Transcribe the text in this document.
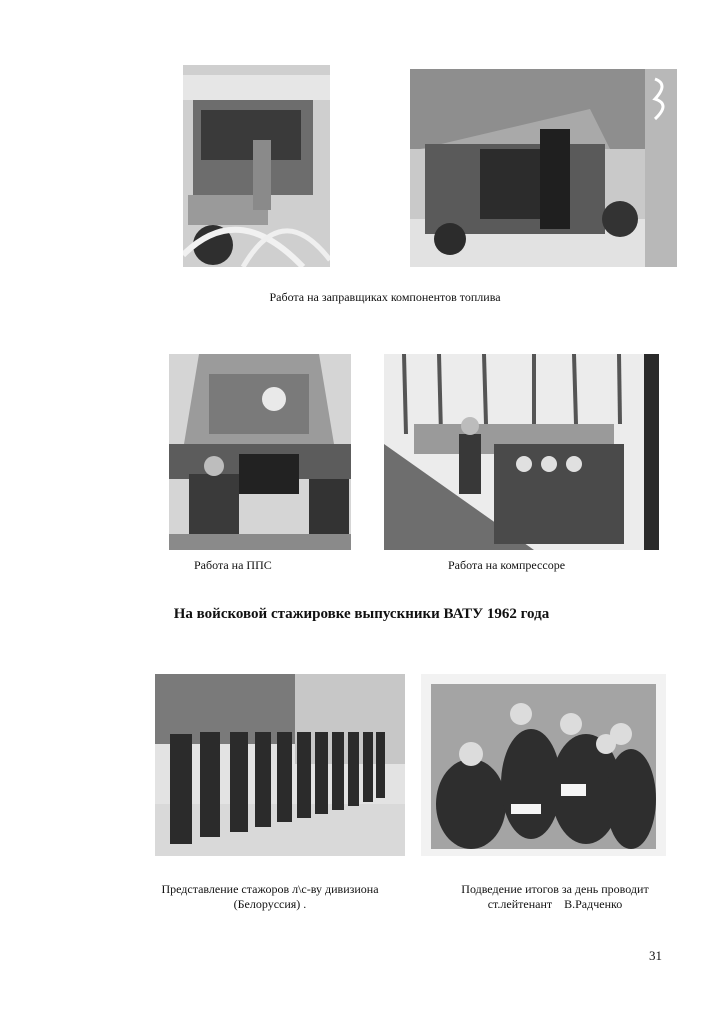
Работа на заправщиках компонентов топлива
Работа на ППС	Работа на компрессоре
На войсковой стажировке выпускники ВАТУ 1962 года
Представление стажоров л\с-ву дивизиона
(Белоруссия) .
Подведение итогов за день проводит
ст.лейтенант    В.Радченко
31
